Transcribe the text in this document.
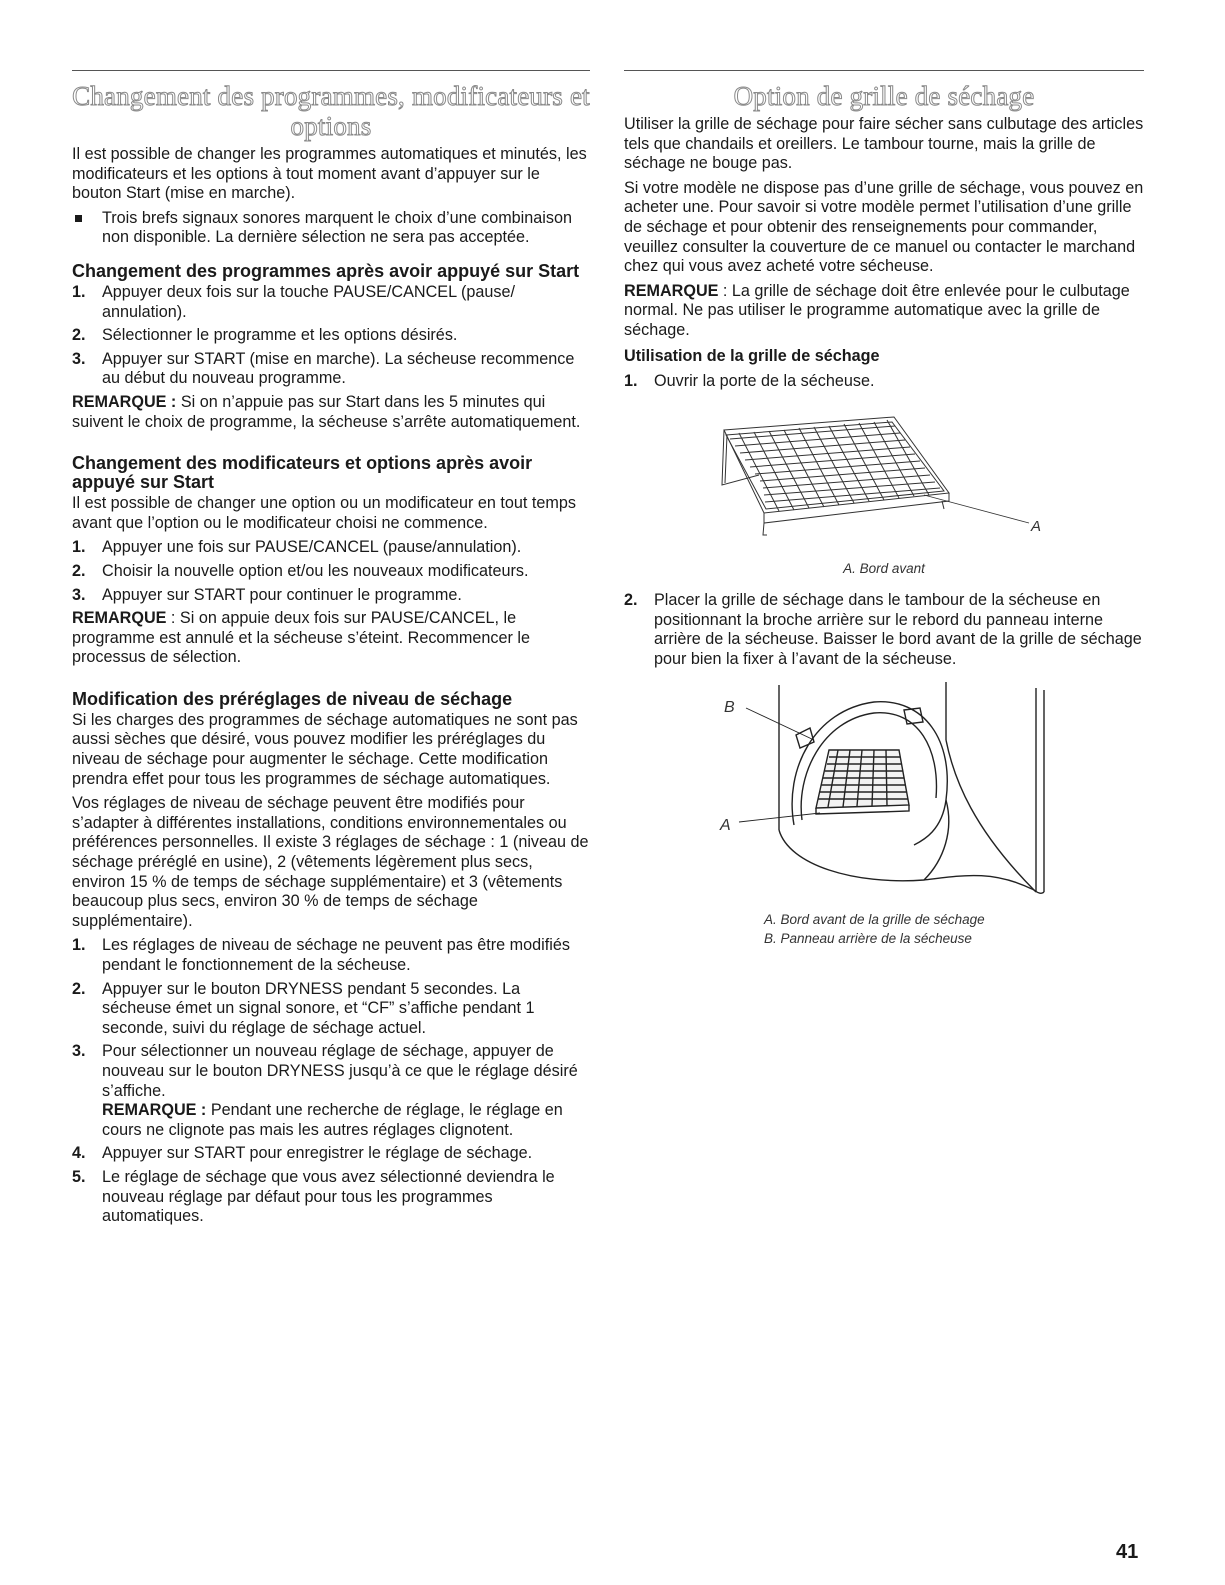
Changement des programmes, modificateurs et options

Il est possible de changer les programmes automatiques et minutés, les modificateurs et les options à tout moment avant d’appuyer sur le bouton Start (mise en marche).

Trois brefs signaux sonores marquent le choix d’une combinaison non disponible. La dernière sélection ne sera pas acceptée.
Changement des programmes après avoir appuyé sur Start
1. Appuyer deux fois sur la touche PAUSE/CANCEL (pause/ annulation).
2. Sélectionner le programme et les options désirés.
3. Appuyer sur START (mise en marche). La sécheuse recommence au début du nouveau programme.

REMARQUE : Si on n’appuie pas sur Start dans les 5 minutes qui suivent le choix de programme, la sécheuse s’arrête automatiquement.

Changement des modificateurs et options après avoir appuyé sur Start

Il est possible de changer une option ou un modificateur en tout temps avant que l’option ou le modificateur choisi ne commence.

1. Appuyer une fois sur PAUSE/CANCEL (pause/annulation).
2. Choisir la nouvelle option et/ou les nouveaux modificateurs.
3. Appuyer sur START pour continuer le programme.

REMARQUE : Si on appuie deux fois sur PAUSE/CANCEL, le programme est annulé et la sécheuse s’éteint. Recommencer le processus de sélection.

Modification des préréglages de niveau de séchage

Si les charges des programmes de séchage automatiques ne sont pas aussi sèches que désiré, vous pouvez modifier les préréglages du niveau de séchage pour augmenter le séchage. Cette modification prendra effet pour tous les programmes de séchage automatiques.

Vos réglages de niveau de séchage peuvent être modifiés pour s’adapter à différentes installations, conditions environnementales ou préférences personnelles. Il existe 3 réglages de séchage : 1 (niveau de séchage préréglé en usine), 2 (vêtements légèrement plus secs, environ 15 % de temps de séchage supplémentaire) et 3 (vêtements beaucoup plus secs, environ 30 % de temps de séchage supplémentaire).

1. Les réglages de niveau de séchage ne peuvent pas être modifiés pendant le fonctionnement de la sécheuse.
2. Appuyer sur le bouton DRYNESS pendant 5 secondes. La sécheuse émet un signal sonore, et “CF” s’affiche pendant 1 seconde, suivi du réglage de séchage actuel.
3. Pour sélectionner un nouveau réglage de séchage, appuyer de nouveau sur le bouton DRYNESS jusqu’à ce que le réglage désiré s’affiche.
REMARQUE : Pendant une recherche de réglage, le réglage en cours ne clignote pas mais les autres réglages clignotent.
4. Appuyer sur START pour enregistrer le réglage de séchage.
5. Le réglage de séchage que vous avez sélectionné deviendra le nouveau réglage par défaut pour tous les programmes automatiques.
Option de grille de séchage

Utiliser la grille de séchage pour faire sécher sans culbutage des articles tels que chandails et oreillers. Le tambour tourne, mais la grille de séchage ne bouge pas.

Si votre modèle ne dispose pas d’une grille de séchage, vous pouvez en acheter une. Pour savoir si votre modèle permet l’utilisation d’une grille de séchage et pour obtenir des renseignements pour commander, veuillez consulter la couverture de ce manuel ou contacter le marchand chez qui vous avez acheté votre sécheuse.

REMARQUE : La grille de séchage doit être enlevée pour le culbutage normal. Ne pas utiliser le programme automatique avec la grille de séchage.

Utilisation de la grille de séchage
1. Ouvrir la porte de la sécheuse.
A
A. Bord avant
2. Placer la grille de séchage dans le tambour de la sécheuse en positionnant la broche arrière sur le rebord du panneau interne arrière de la sécheuse. Baisser le bord avant de la grille de séchage pour bien la fixer à l’avant de la sécheuse.
B
A
A. Bord avant de la grille de séchage
B. Panneau arrière de la sécheuse
41
